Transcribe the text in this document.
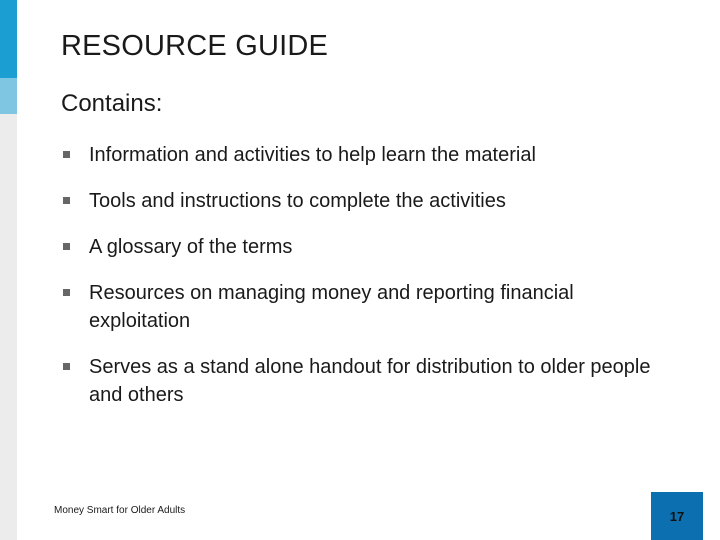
RESOURCE GUIDE
Contains:
Information and activities to help learn the material
Tools and instructions to complete the activities
A glossary of the terms
Resources on managing money and reporting financial exploitation
Serves as a stand alone handout for distribution to older people and others
Money Smart for Older Adults	17
